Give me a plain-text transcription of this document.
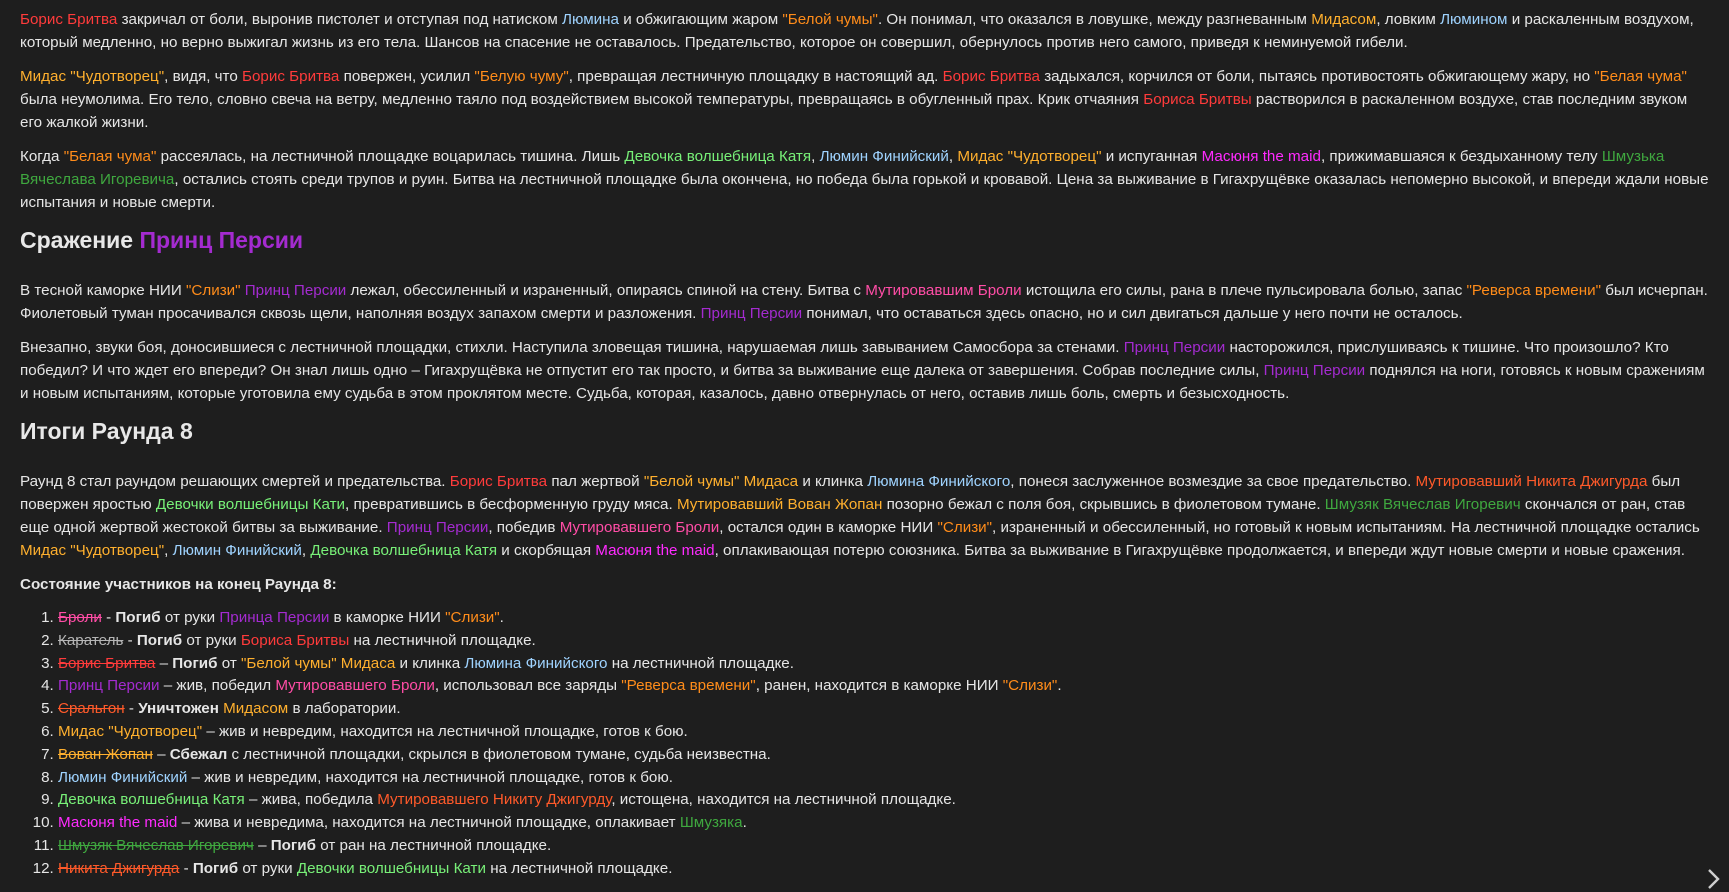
Борис Бритва закричал от боли, выронив пистолет и отступая под натиском Люмина и обжигающим жаром "Белой чумы". Он понимал, что оказался в ловушке, между разгневанным Мидасом, ловким Люмином и раскаленным воздухом, который медленно, но верно выжигал жизнь из его тела. Шансов на спасение не оставалось. Предательство, которое он совершил, обернулось против него самого, приведя к неминуемой гибели.

Мидас "Чудотворец", видя, что Борис Бритва повержен, усилил "Белую чуму", превращая лестничную площадку в настоящий ад. Борис Бритва задыхался, корчился от боли, пытаясь противостоять обжигающему жару, но "Белая чума" была неумолима. Его тело, словно свеча на ветру, медленно таяло под воздействием высокой температуры, превращаясь в обугленный прах. Крик отчаяния Бориса Бритвы растворился в раскаленном воздухе, став последним звуком его жалкой жизни.

Когда "Белая чума" рассеялась, на лестничной площадке воцарилась тишина. Лишь Девочка волшебница Катя, Люмин Финийский, Мидас "Чудотворец" и испуганная Масюня the maid, прижимавшаяся к бездыханному телу Шмузька Вячеслава Игоревича, остались стоять среди трупов и руин. Битва на лестничной площадке была окончена, но победа была горькой и кровавой. Цена за выживание в Гигахрущёвке оказалась непомерно высокой, и впереди ждали новые испытания и новые смерти.

Сражение Принц Персии

В тесной каморке НИИ "Слизи" Принц Персии лежал, обессиленный и израненный, опираясь спиной на стену. Битва с Мутировавшим Броли истощила его силы, рана в плече пульсировала болью, запас "Реверса времени" был исчерпан. Фиолетовый туман просачивался сквозь щели, наполняя воздух запахом смерти и разложения. Принц Персии понимал, что оставаться здесь опасно, но и сил двигаться дальше у него почти не осталось.

Внезапно, звуки боя, доносившиеся с лестничной площадки, стихли. Наступила зловещая тишина, нарушаемая лишь завыванием Самосбора за стенами. Принц Персии насторожился, прислушиваясь к тишине. Что произошло? Кто победил? И что ждет его впереди? Он знал лишь одно – Гигахрущёвка не отпустит его так просто, и битва за выживание еще далека от завершения. Собрав последние силы, Принц Персии поднялся на ноги, готовясь к новым сражениям и новым испытаниям, которые уготовила ему судьба в этом проклятом месте. Судьба, которая, казалось, давно отвернулась от него, оставив лишь боль, смерть и безысходность.

Итоги Раунда 8

Раунд 8 стал раундом решающих смертей и предательства. Борис Бритва пал жертвой "Белой чумы" Мидаса и клинка Люмина Финийского, понеся заслуженное возмездие за свое предательство. Мутировавший Никита Джигурда был повержен яростью Девочки волшебницы Кати, превратившись в бесформенную груду мяса. Мутировавший Вован Жопан позорно бежал с поля боя, скрывшись в фиолетовом тумане. Шмузяк Вячеслав Игоревич скончался от ран, став еще одной жертвой жестокой битвы за выживание. Принц Персии, победив Мутировавшего Броли, остался один в каморке НИИ "Слизи", израненный и обессиленный, но готовый к новым испытаниям. На лестничной площадке остались Мидас "Чудотворец", Люмин Финийский, Девочка волшебница Катя и скорбящая Масюня the maid, оплакивающая потерю союзника. Битва за выживание в Гигахрущёвке продолжается, и впереди ждут новые смерти и новые сражения.

Состояние участников на конец Раунда 8:

1. Броли - Погиб от руки Принца Персии в каморке НИИ "Слизи".
2. Каратель - Погиб от руки Бориса Бритвы на лестничной площадке.
3. Борис Бритва – Погиб от "Белой чумы" Мидаса и клинка Люмина Финийского на лестничной площадке.
4. Принц Персии – жив, победил Мутировавшего Броли, использовал все заряды "Реверса времени", ранен, находится в каморке НИИ "Слизи".
5. Сральгон - Уничтожен Мидасом в лаборатории.
6. Мидас "Чудотворец" – жив и невредим, находится на лестничной площадке, готов к бою.
7. Вован Жопан – Сбежал с лестничной площадки, скрылся в фиолетовом тумане, судьба неизвестна.
8. Люмин Финийский – жив и невредим, находится на лестничной площадке, готов к бою.
9. Девочка волшебница Катя – жива, победила Мутировавшего Никиту Джигурду, истощена, находится на лестничной площадке.
10. Масюня the maid – жива и невредима, находится на лестничной площадке, оплакивает Шмузяка.
11. Шмузяк Вячеслав Игоревич – Погиб от ран на лестничной площадке.
12. Никита Джигурда - Погиб от руки Девочки волшебницы Кати на лестничной площадке.
